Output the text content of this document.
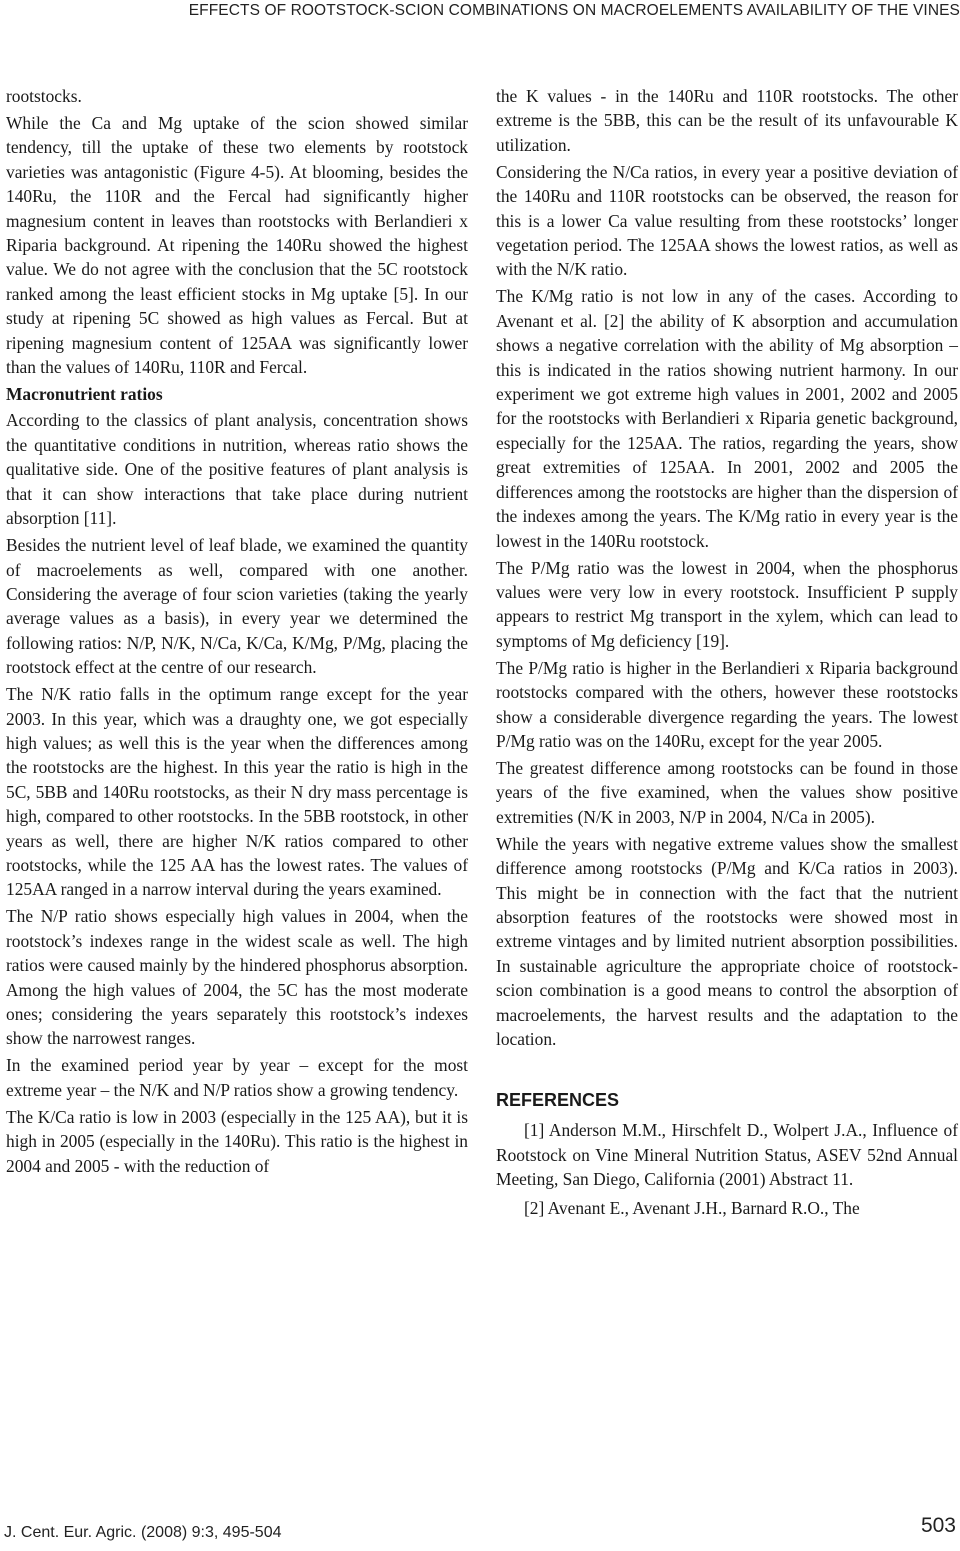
EFFECTS OF ROOTSTOCK-SCION COMBINATIONS ON MACROELEMENTS AVAILABILITY OF THE VINES

rootstocks.

While the Ca and Mg uptake of the scion showed similar tendency, till the uptake of these two elements by rootstock varieties was antagonistic (Figure 4-5). At blooming, besides the 140Ru, the 110R and the Fercal had significantly higher magnesium content in leaves than rootstocks with Berlandieri x Riparia background. At ripening the 140Ru showed the highest value. We do not agree with the conclusion that the 5C rootstock ranked among the least efficient stocks in Mg uptake [5]. In our study at ripening 5C showed as high values as Fercal. But at ripening magnesium content of 125AA was significantly lower than the values of 140Ru, 110R and Fercal.

Macronutrient ratios

According to the classics of plant analysis, concentration shows the quantitative conditions in nutrition, whereas ratio shows the qualitative side. One of the positive features of plant analysis is that it can show interactions that take place during nutrient absorption [11].

Besides the nutrient level of leaf blade, we examined the quantity of macroelements as well, compared with one another. Considering the average of four scion varieties (taking the yearly average values as a basis), in every year we determined the following ratios: N/P, N/K, N/Ca, K/Ca, K/Mg, P/Mg, placing the rootstock effect at the centre of our research.

The N/K ratio falls in the optimum range except for the year 2003. In this year, which was a draughty one, we got especially high values; as well this is the year when the differences among the rootstocks are the highest. In this year the ratio is high in the 5C, 5BB and 140Ru rootstocks, as their N dry mass percentage is high, compared to other rootstocks. In the 5BB rootstock, in other years as well, there are higher N/K ratios compared to other rootstocks, while the 125 AA has the lowest rates. The values of 125AA ranged in a narrow interval during the years examined.

The N/P ratio shows especially high values in 2004, when the rootstock’s indexes range in the widest scale as well. The high ratios were caused mainly by the hindered phosphorus absorption. Among the high values of 2004, the 5C has the most moderate ones; considering the years separately this rootstock’s indexes show the narrowest ranges.

In the examined period year by year – except for the most extreme year – the N/K and N/P ratios show a growing tendency.

The K/Ca ratio is low in 2003 (especially in the 125 AA), but it is high in 2005 (especially in the 140Ru). This ratio is the highest in 2004 and 2005 - with the reduction of

the K values - in the 140Ru and 110R rootstocks. The other extreme is the 5BB, this can be the result of its unfavourable K utilization.

Considering the N/Ca ratios, in every year a positive deviation of the 140Ru and 110R rootstocks can be observed, the reason for this is a lower Ca value resulting from these rootstocks’ longer vegetation period. The 125AA shows the lowest ratios, as well as with the N/K ratio.

The K/Mg ratio is not low in any of the cases. According to Avenant et al. [2] the ability of K absorption and accumulation shows a negative correlation with the ability of Mg absorption – this is indicated in the ratios showing nutrient harmony. In our experiment we got extreme high values in 2001, 2002 and 2005 for the rootstocks with Berlandieri x Riparia genetic background, especially for the 125AA. The ratios, regarding the years, show great extremities of 125AA. In 2001, 2002 and 2005 the differences among the rootstocks are higher than the dispersion of the indexes among the years. The K/Mg ratio in every year is the lowest in the 140Ru rootstock.

The P/Mg ratio was the lowest in 2004, when the phosphorus values were very low in every rootstock. Insufficient P supply appears to restrict Mg transport in the xylem, which can lead to symptoms of Mg deficiency [19].

The P/Mg ratio is higher in the Berlandieri x Riparia background rootstocks compared with the others, however these rootstocks show a considerable divergence regarding the years. The lowest P/Mg ratio was on the 140Ru, except for the year 2005.

The greatest difference among rootstocks can be found in those years of the five examined, when the values show positive extremities (N/K in 2003, N/P in 2004, N/Ca in 2005).

While the years with negative extreme values show the smallest difference among rootstocks (P/Mg and K/Ca ratios in 2003). This might be in connection with the fact that the nutrient absorption features of the rootstocks were showed most in extreme vintages and by limited nutrient absorption possibilities. In sustainable agriculture the appropriate choice of rootstock-scion combination is a good means to control the absorption of macroelements, the harvest results and the adaptation to the location.

REFERENCES

[1] Anderson M.M., Hirschfelt D., Wolpert J.A., Influence of Rootstock on Vine Mineral Nutrition Status, ASEV 52nd Annual Meeting, San Diego, California (2001) Abstract 11.

[2] Avenant E., Avenant J.H., Barnard R.O., The

J. Cent. Eur. Agric. (2008) 9:3, 495-504	503
